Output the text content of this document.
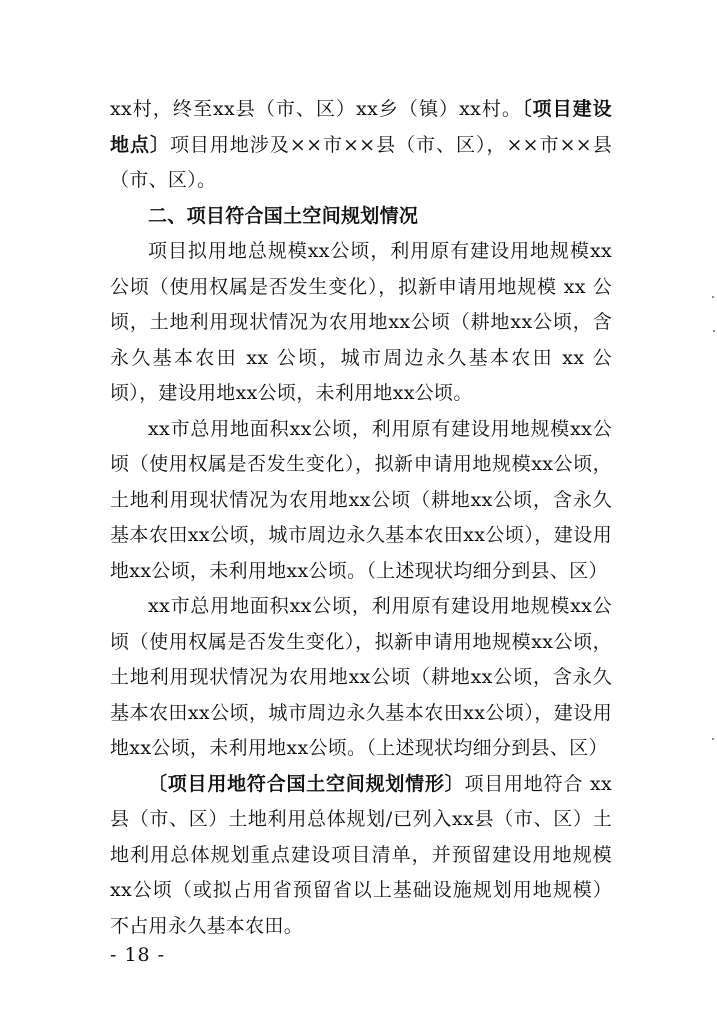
xx村，终至xx县（市、区）xx乡（镇）xx村。〔项目建设地点〕项目用地涉及××市××县（市、区），××市××县（市、区）。

二、项目符合国土空间规划情况

项目拟用地总规模xx公顷，利用原有建设用地规模xx公顷（使用权属是否发生变化），拟新申请用地规模 xx 公顷，土地利用现状情况为农用地xx公顷（耕地xx公顷，含永久基本农田 xx 公顷，城市周边永久基本农田 xx 公顷），建设用地xx公顷，未利用地xx公顷。

xx市总用地面积xx公顷，利用原有建设用地规模xx公顷（使用权属是否发生变化），拟新申请用地规模xx公顷，土地利用现状情况为农用地xx公顷（耕地xx公顷，含永久基本农田xx公顷，城市周边永久基本农田xx公顷），建设用地xx公顷，未利用地xx公顷。（上述现状均细分到县、区）

xx市总用地面积xx公顷，利用原有建设用地规模xx公顷（使用权属是否发生变化），拟新申请用地规模xx公顷，土地利用现状情况为农用地xx公顷（耕地xx公顷，含永久基本农田xx公顷，城市周边永久基本农田xx公顷），建设用地xx公顷，未利用地xx公顷。（上述现状均细分到县、区）

〔项目用地符合国土空间规划情形〕项目用地符合 xx 县（市、区）土地利用总体规划/已列入xx县（市、区）土地利用总体规划重点建设项目清单，并预留建设用地规模xx公顷（或拟占用省预留省以上基础设施规划用地规模）不占用永久基本农田。

- 18 -
